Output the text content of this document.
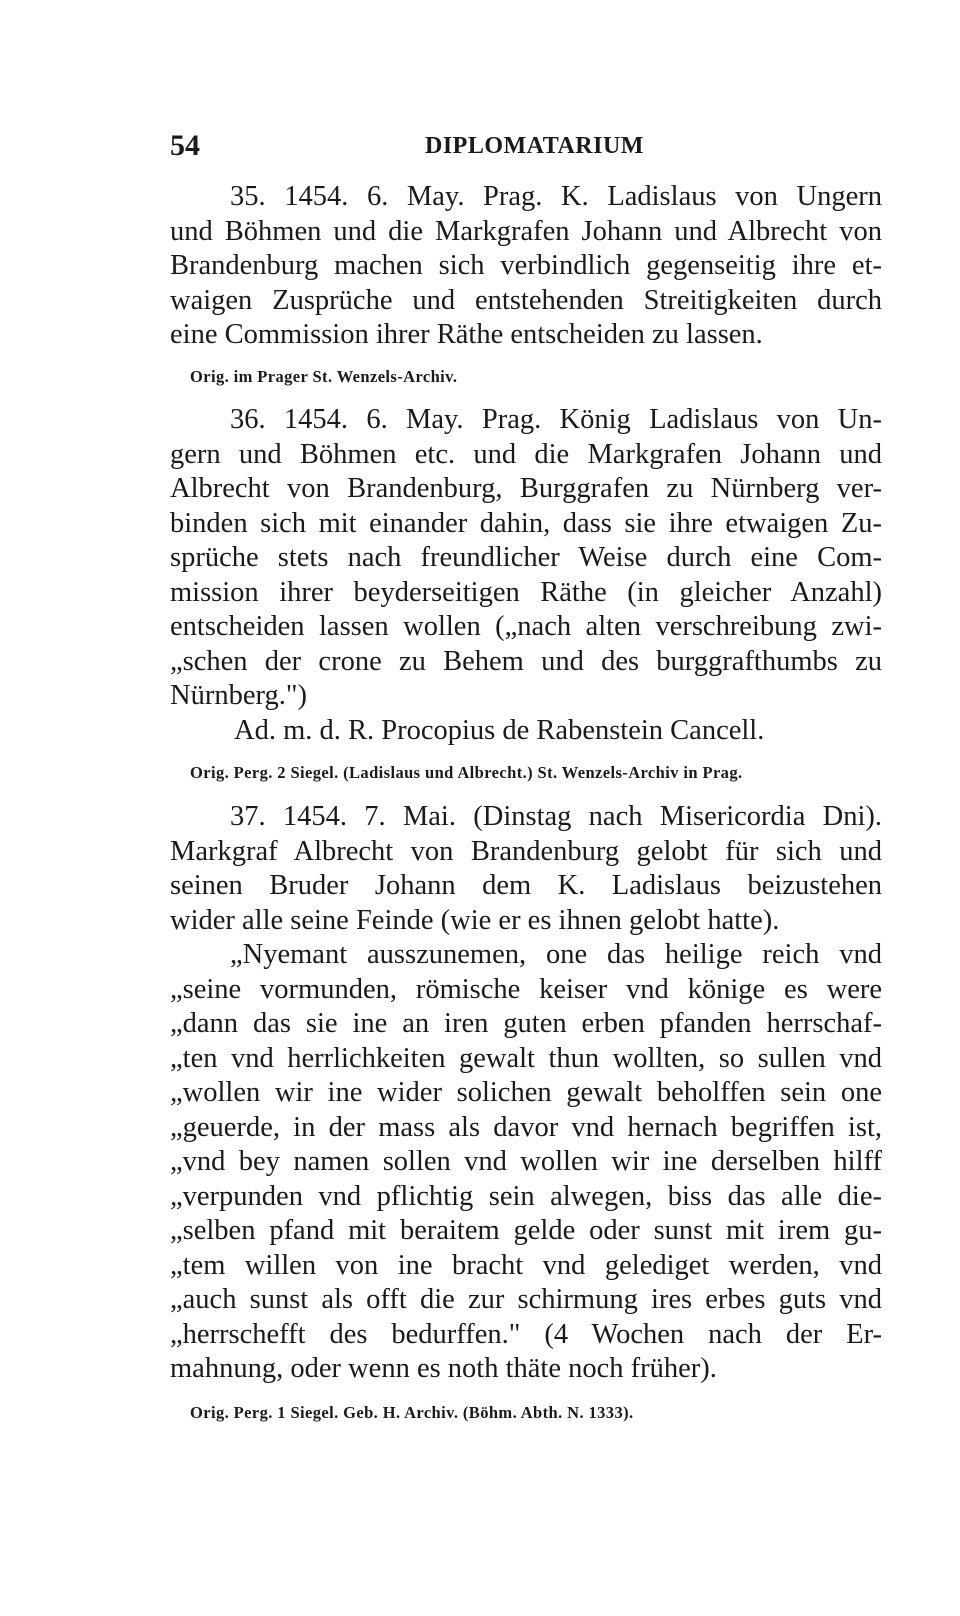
54	DIPLOMATARIUM
35. 1454. 6. May. Prag. K. Ladislaus von Ungern
und Böhmen und die Markgrafen Johann und Albrecht von
Brandenburg machen sich verbindlich gegenseitig ihre et-
waigen Zusprüche und entstehenden Streitigkeiten durch
eine Commission ihrer Räthe entscheiden zu lassen.
Orig. im Prager St. Wenzels-Archiv.
36. 1454. 6. May. Prag. König Ladislaus von Un-
gern und Böhmen etc. und die Markgrafen Johann und
Albrecht von Brandenburg, Burggrafen zu Nürnberg ver-
binden sich mit einander dahin, dass sie ihre etwaigen Zu-
sprüche stets nach freundlicher Weise durch eine Com-
mission ihrer beyderseitigen Räthe (in gleicher Anzahl)
entscheiden lassen wollen („nach alten verschreibung zwi-
„schen der crone zu Behem und des burggrafthumbs zu
Nürnberg.")
Ad. m. d. R. Procopius de Rabenstein Cancell.
Orig. Perg. 2 Siegel. (Ladislaus und Albrecht.) St. Wenzels-Archiv in Prag.
37. 1454. 7. Mai. (Dinstag nach Misericordia Dni).
Markgraf Albrecht von Brandenburg gelobt für sich und
seinen Bruder Johann dem K. Ladislaus beizustehen
wider alle seine Feinde (wie er es ihnen gelobt hatte).
„Nyemant ausszunemen, one das heilige reich vnd
„seine vormunden, römische keiser vnd könige es were
„dann das sie ine an iren guten erben pfanden herrschaf-
„ten vnd herrlichkeiten gewalt thun wollten, so sullen vnd
„wollen wir ine wider solichen gewalt beholffen sein one
„geuerde, in der mass als davor vnd hernach begriffen ist,
„vnd bey namen sollen vnd wollen wir ine derselben hilff
„verpunden vnd pflichtig sein alwegen, biss das alle die-
„selben pfand mit beraitem gelde oder sunst mit irem gu-
„tem willen von ine bracht vnd gelediget werden, vnd
„auch sunst als offt die zur schirmung ires erbes guts vnd
„herrschefft des bedurffen." (4 Wochen nach der Er-
mahnung, oder wenn es noth thäte noch früher).
Orig. Perg. 1 Siegel. Geb. H. Archiv. (Böhm. Abth. N. 1333).
